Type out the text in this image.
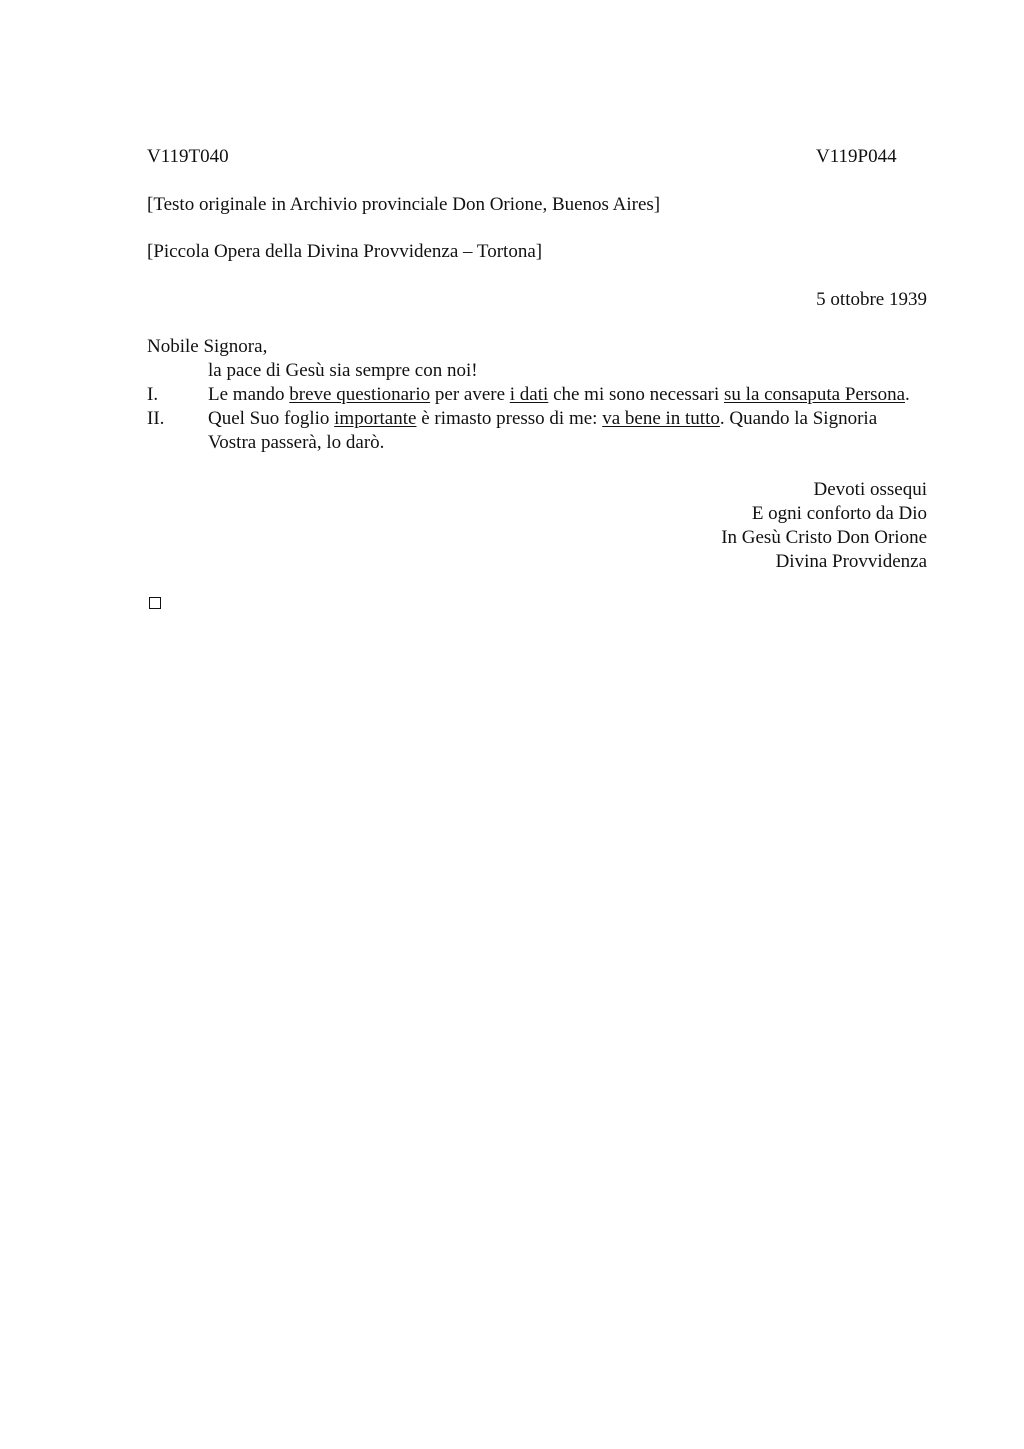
V119T040	V119P044
[Testo originale in Archivio provinciale Don Orione, Buenos Aires]
[Piccola Opera della Divina Provvidenza – Tortona]
5 ottobre 1939
Nobile Signora,
la pace di Gesù sia sempre con noi!
I.	Le mando breve questionario per avere i dati che mi sono necessari su la consaputa Persona.
II. Quel Suo foglio importante è rimasto presso di me: va bene in tutto. Quando la Signoria Vostra passerà, lo darò.
Devoti ossequi
E ogni conforto da Dio
In Gesù Cristo Don Orione
Divina Provvidenza
